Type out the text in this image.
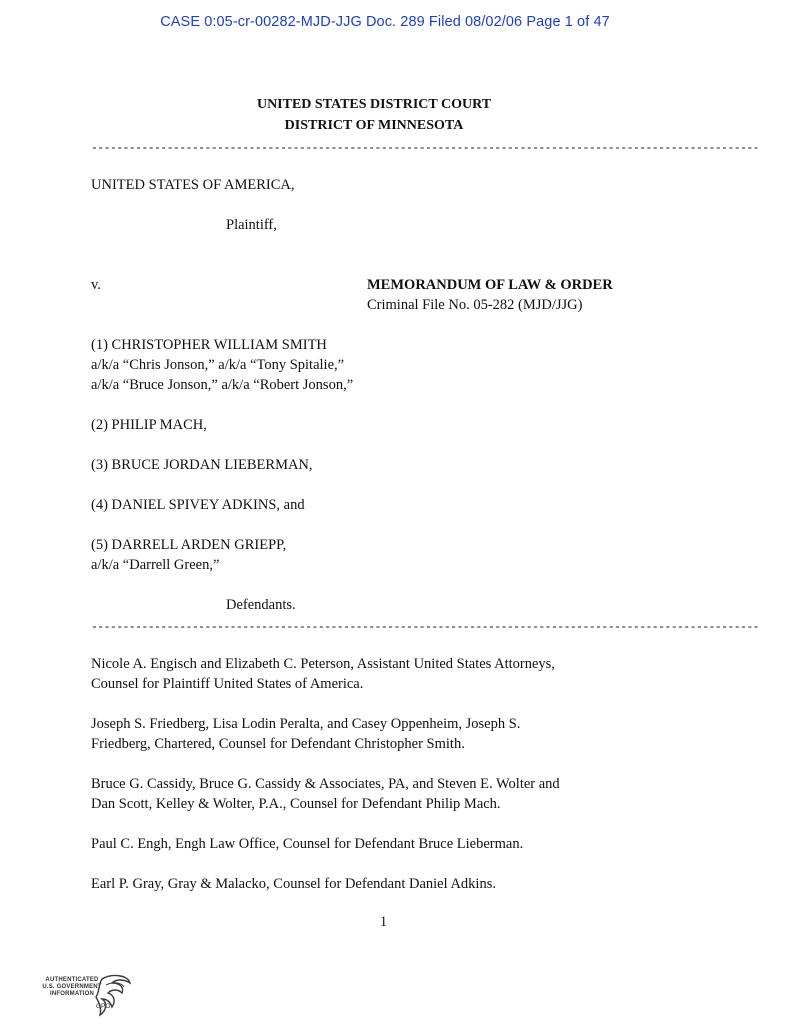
CASE 0:05-cr-00282-MJD-JJG Doc. 289 Filed 08/02/06 Page 1 of 47
UNITED STATES DISTRICT COURT
DISTRICT OF MINNESOTA
----------------------------------------------------------------------------------------------------------
UNITED STATES OF AMERICA,
Plaintiff,
v.	MEMORANDUM OF LAW & ORDER
Criminal File No. 05-282 (MJD/JJG)
(1) CHRISTOPHER WILLIAM SMITH
a/k/a “Chris Jonson,” a/k/a “Tony Spitalie,”
a/k/a “Bruce Jonson,” a/k/a “Robert Jonson,”
(2) PHILIP MACH,
(3) BRUCE JORDAN LIEBERMAN,
(4) DANIEL SPIVEY ADKINS, and
(5) DARRELL ARDEN GRIEPP,
a/k/a “Darrell Green,”
Defendants.
----------------------------------------------------------------------------------------------------------
Nicole A. Engisch and Elizabeth C. Peterson, Assistant United States Attorneys,
Counsel for Plaintiff United States of America.
Joseph S. Friedberg, Lisa Lodin Peralta, and Casey Oppenheim, Joseph S.
Friedberg, Chartered, Counsel for Defendant Christopher Smith.
Bruce G. Cassidy, Bruce G. Cassidy & Associates, PA, and Steven E. Wolter and
Dan Scott, Kelley & Wolter, P.A., Counsel for Defendant Philip Mach.
Paul C. Engh, Engh Law Office, Counsel for Defendant Bruce Lieberman.
Earl P. Gray, Gray & Malacko, Counsel for Defendant Daniel Adkins.
1
AUTHENTICATED
U.S. GOVERNMENT
INFORMATION
GPO
